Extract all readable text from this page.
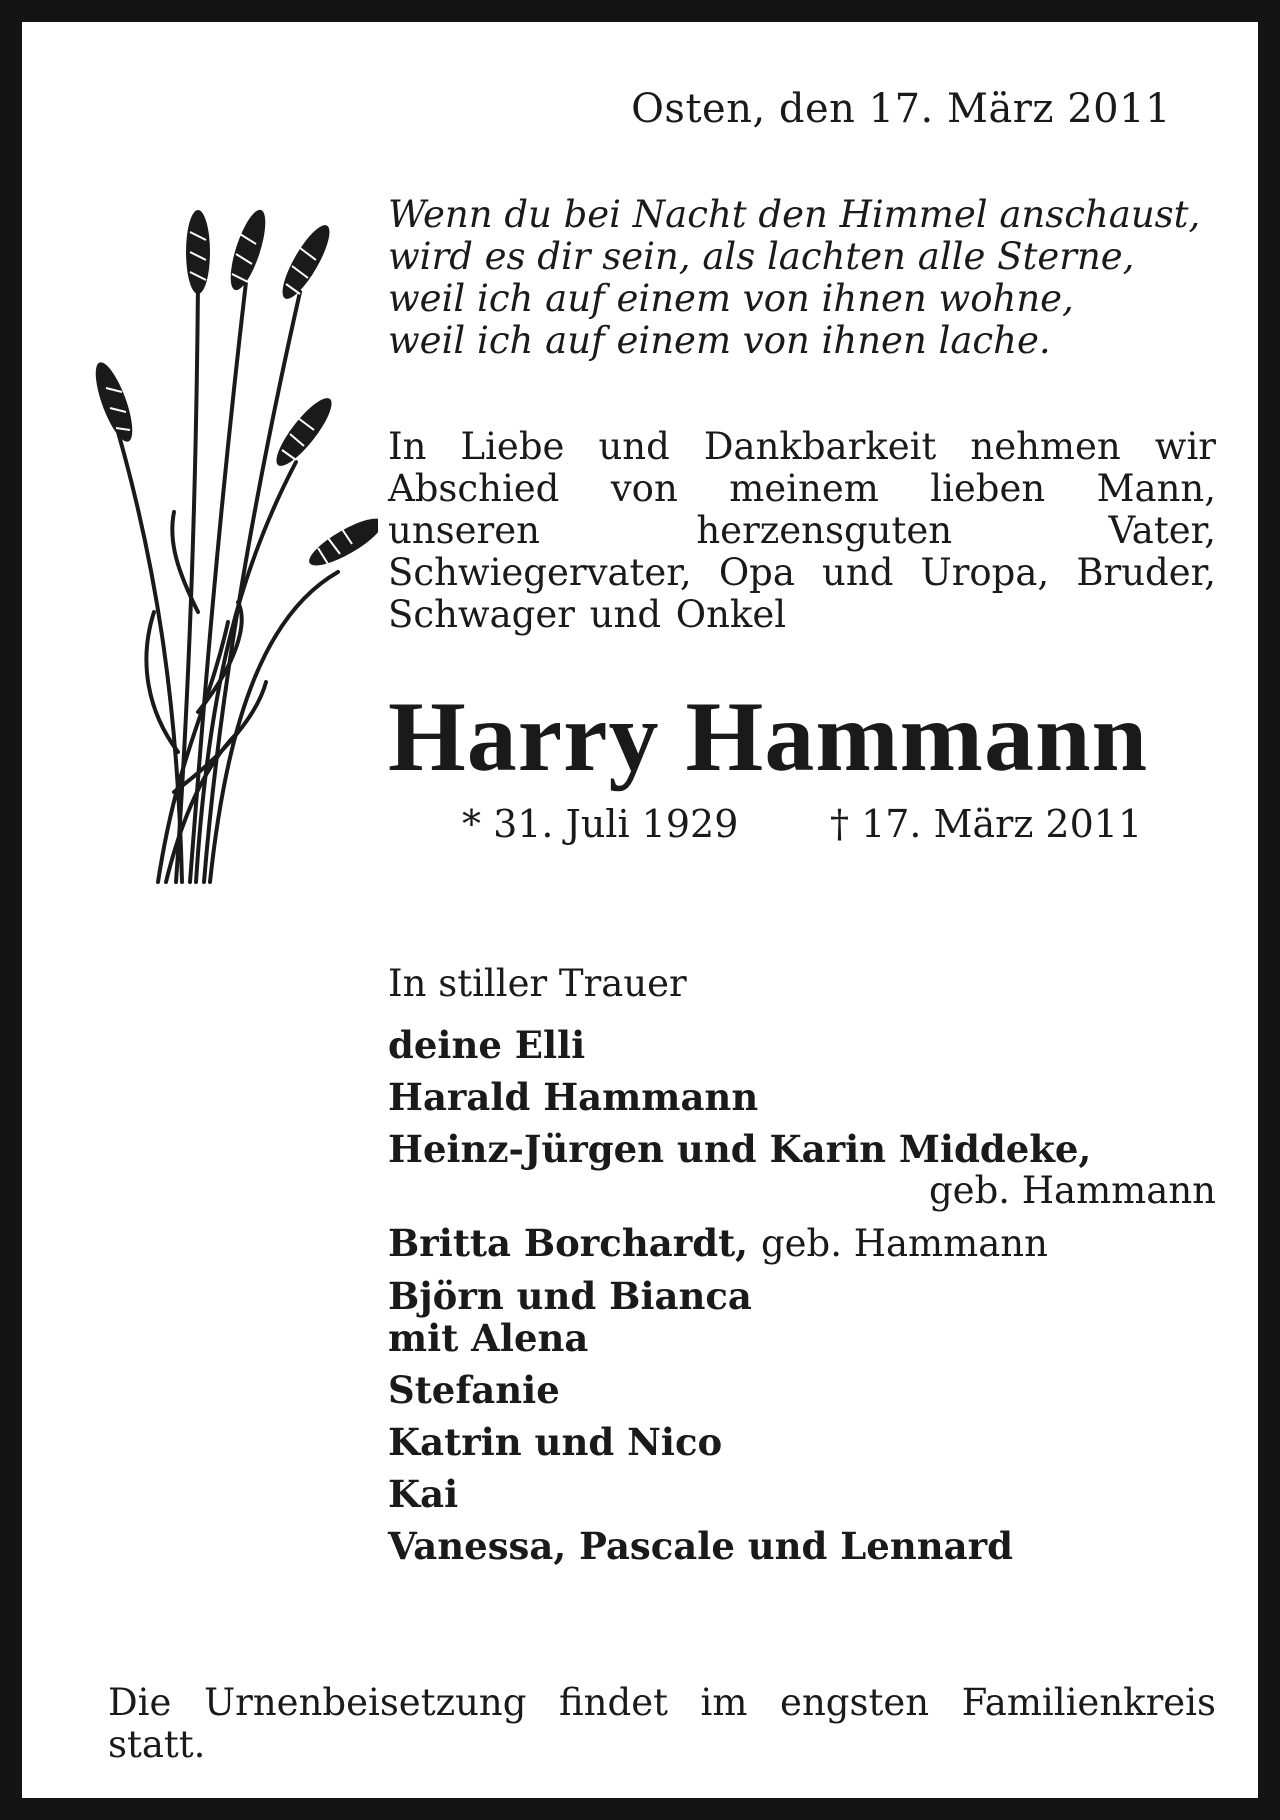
Osten, den 17. März 2011
Wenn du bei Nacht den Himmel anschaust,
wird es dir sein, als lachten alle Sterne,
weil ich auf einem von ihnen wohne,
weil ich auf einem von ihnen lache.
In Liebe und Dankbarkeit nehmen wir Abschied von meinem lieben Mann, unseren herzensguten Vater, Schwiegervater, Opa und Uropa, Bruder, Schwager und Onkel
Harry Hammann
* 31. Juli 1929 † 17. März 2011
In stiller Trauer
deine Elli
Harald Hammann
Heinz-Jürgen und Karin Middeke,
geb. Hammann
Britta Borchardt, geb. Hammann
Björn und Bianca
mit Alena
Stefanie
Katrin und Nico
Kai
Vanessa, Pascale und Lennard
Die Urnenbeisetzung findet im engsten Familienkreis statt.
